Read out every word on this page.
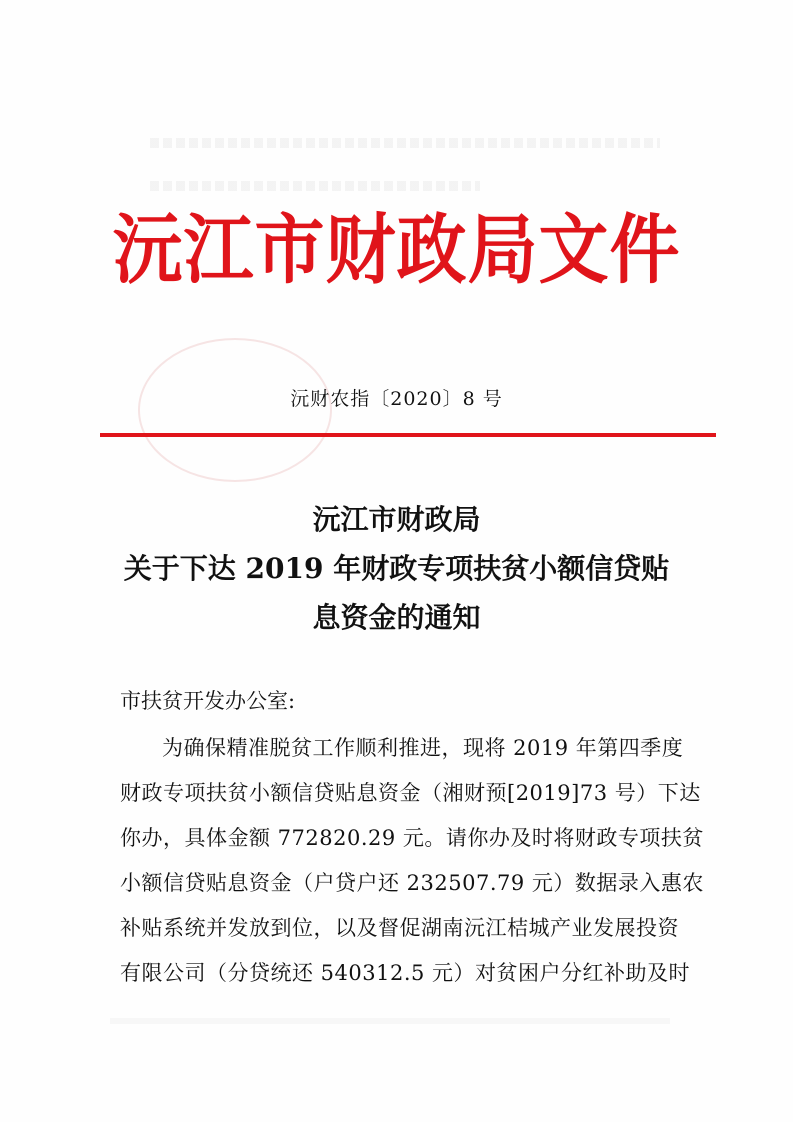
沅江市财政局文件
沅财农指〔2020〕8 号
沅江市财政局
关于下达 2019 年财政专项扶贫小额信贷贴
息资金的通知
市扶贫开发办公室:
为确保精准脱贫工作顺利推进，现将 2019 年第四季度
财政专项扶贫小额信贷贴息资金（湘财预[2019]73 号）下达
你办，具体金额 772820.29 元。请你办及时将财政专项扶贫
小额信贷贴息资金（户贷户还 232507.79 元）数据录入惠农
补贴系统并发放到位，以及督促湖南沅江桔城产业发展投资
有限公司（分贷统还 540312.5 元）对贫困户分红补助及时
